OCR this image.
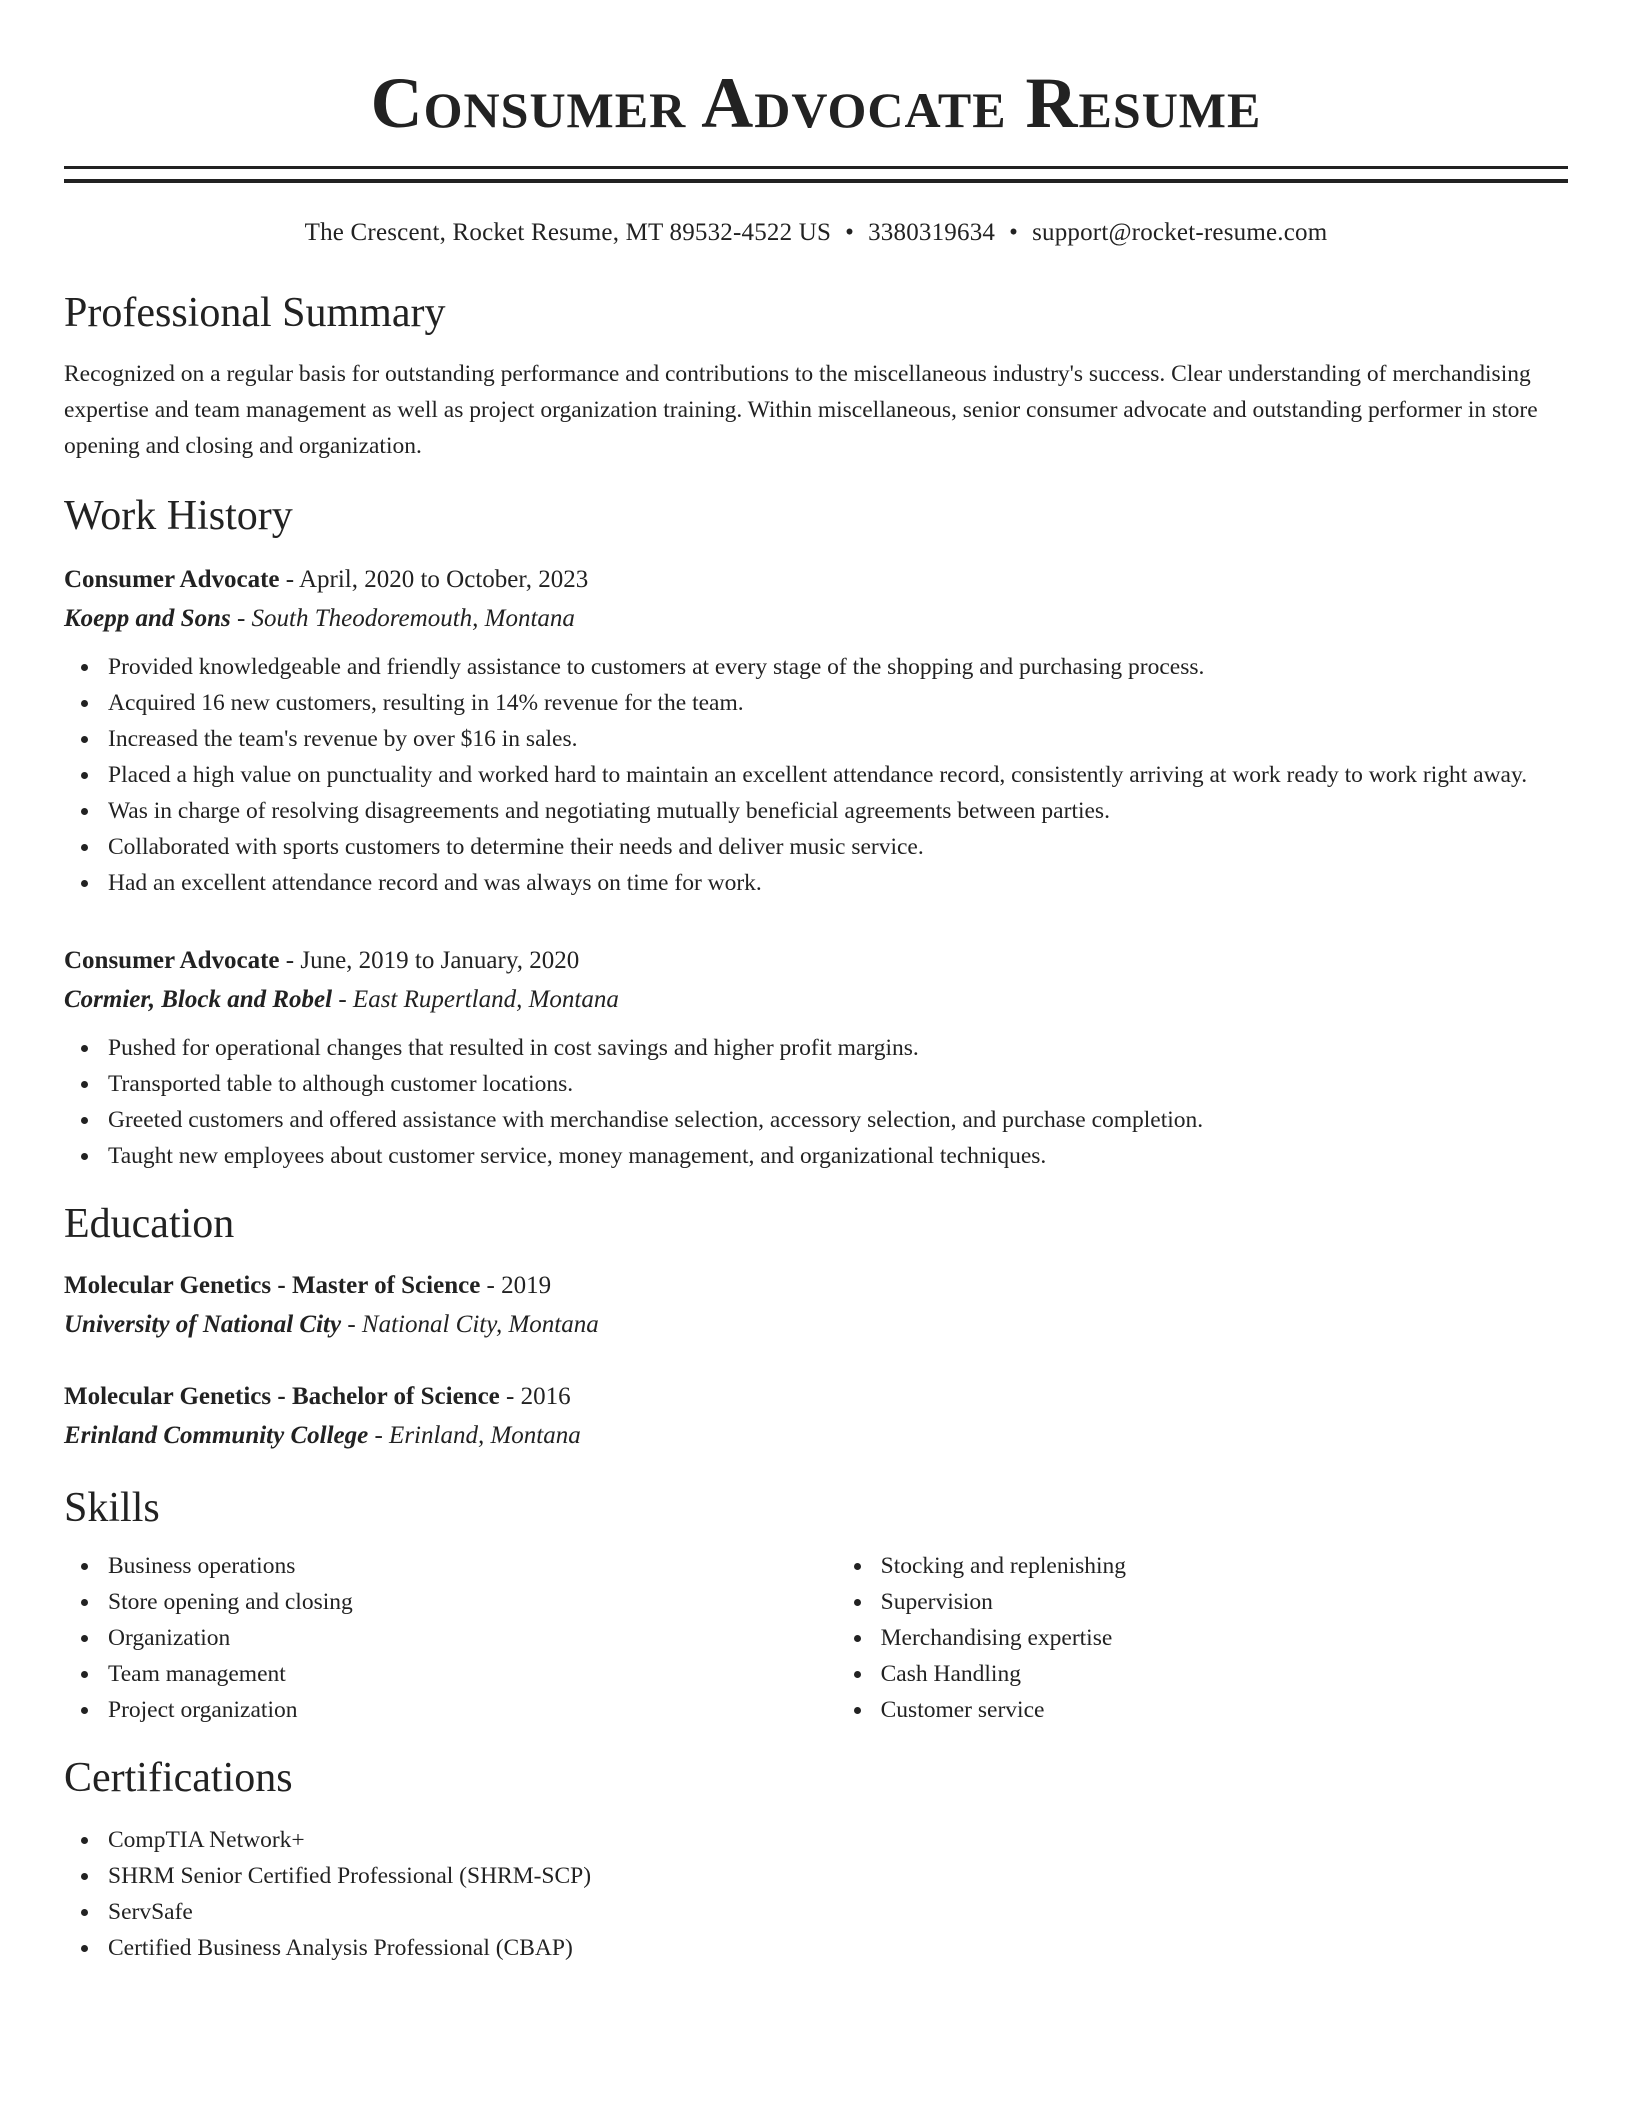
Consumer Advocate Resume
The Crescent, Rocket Resume, MT 89532-4522 US • 3380319634 • support@rocket-resume.com
Professional Summary

Recognized on a regular basis for outstanding performance and contributions to the miscellaneous industry's success. Clear understanding of merchandising expertise and team management as well as project organization training. Within miscellaneous, senior consumer advocate and outstanding performer in store opening and closing and organization.

Work History
Consumer Advocate - April, 2020 to October, 2023
Koepp and Sons - South Theodoremouth, Montana
Provided knowledgeable and friendly assistance to customers at every stage of the shopping and purchasing process.
Acquired 16 new customers, resulting in 14% revenue for the team.
Increased the team's revenue by over $16 in sales.
Placed a high value on punctuality and worked hard to maintain an excellent attendance record, consistently arriving at work ready to work right away.
Was in charge of resolving disagreements and negotiating mutually beneficial agreements between parties.
Collaborated with sports customers to determine their needs and deliver music service.
Had an excellent attendance record and was always on time for work.
Consumer Advocate - June, 2019 to January, 2020
Cormier, Block and Robel - East Rupertland, Montana
Pushed for operational changes that resulted in cost savings and higher profit margins.
Transported table to although customer locations.
Greeted customers and offered assistance with merchandise selection, accessory selection, and purchase completion.
Taught new employees about customer service, money management, and organizational techniques.
Education
Molecular Genetics - Master of Science - 2019
University of National City - National City, Montana
Molecular Genetics - Bachelor of Science - 2016
Erinland Community College - Erinland, Montana
Skills
Business operations
Store opening and closing
Organization
Team management
Project organization
Stocking and replenishing
Supervision
Merchandising expertise
Cash Handling
Customer service
Certifications
CompTIA Network+
SHRM Senior Certified Professional (SHRM-SCP)
ServSafe
Certified Business Analysis Professional (CBAP)
